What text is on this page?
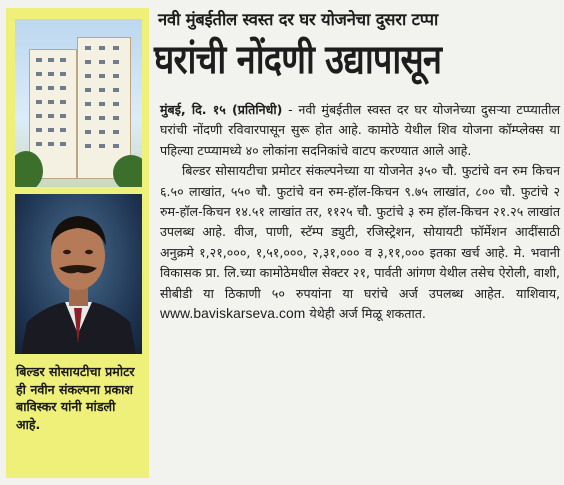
बिल्डर सोसायटीचा प्रमोटर ही नवीन संकल्पना प्रकाश बाविस्कर यांनी मांडली आहे.
नवी मुंबईतील स्वस्त दर घर योजनेचा दुसरा टप्पा
घरांची नोंदणी उद्यापासून

मुंबई, दि. १५ (प्रतिनिधी) - नवी मुंबईतील स्वस्त दर घर योजनेच्या दुसऱ्या टप्प्यातील घरांची नोंदणी रविवारपासून सुरू होत आहे. कामोठे येथील शिव योजना कॉम्प्लेक्स या पहिल्या टप्प्यामध्ये ४० लोकांना सदनिकांचे वाटप करण्यात आले आहे.

बिल्डर सोसायटीचा प्रमोटर संकल्पनेच्या या योजनेत ३५० चौ. फुटांचे वन रुम किचन ६.५० लाखांत, ५५० चौ. फुटांचे वन रुम-हॉल-किचन ९.७५ लाखांत, ८०० चौ. फुटांचे २ रुम-हॉल-किचन १४.५१ लाखांत तर, ११२५ चौ. फुटांचे ३ रुम हॉल-किचन २१.२५ लाखांत उपलब्ध आहे. वीज, पाणी, स्टॅम्प ड्युटी, रजिस्ट्रेशन, सोयायटी फॉर्मेशन आदींसाठी अनुक्रमे १,२१,०००, १,५१,०००, २,३१,००० व ३,११,००० इतका खर्च आहे. मे. भवानी विकासक प्रा. लि.च्या कामोठेमधील सेक्टर २१, पार्वती आंगण येथील तसेच ऐरोली, वाशी, सीबीडी या ठिकाणी ५० रुपयांना या घरांचे अर्ज उपलब्ध आहेत. याशिवाय, www.baviskarseva.com येथेही अर्ज मिळू शकतात.
